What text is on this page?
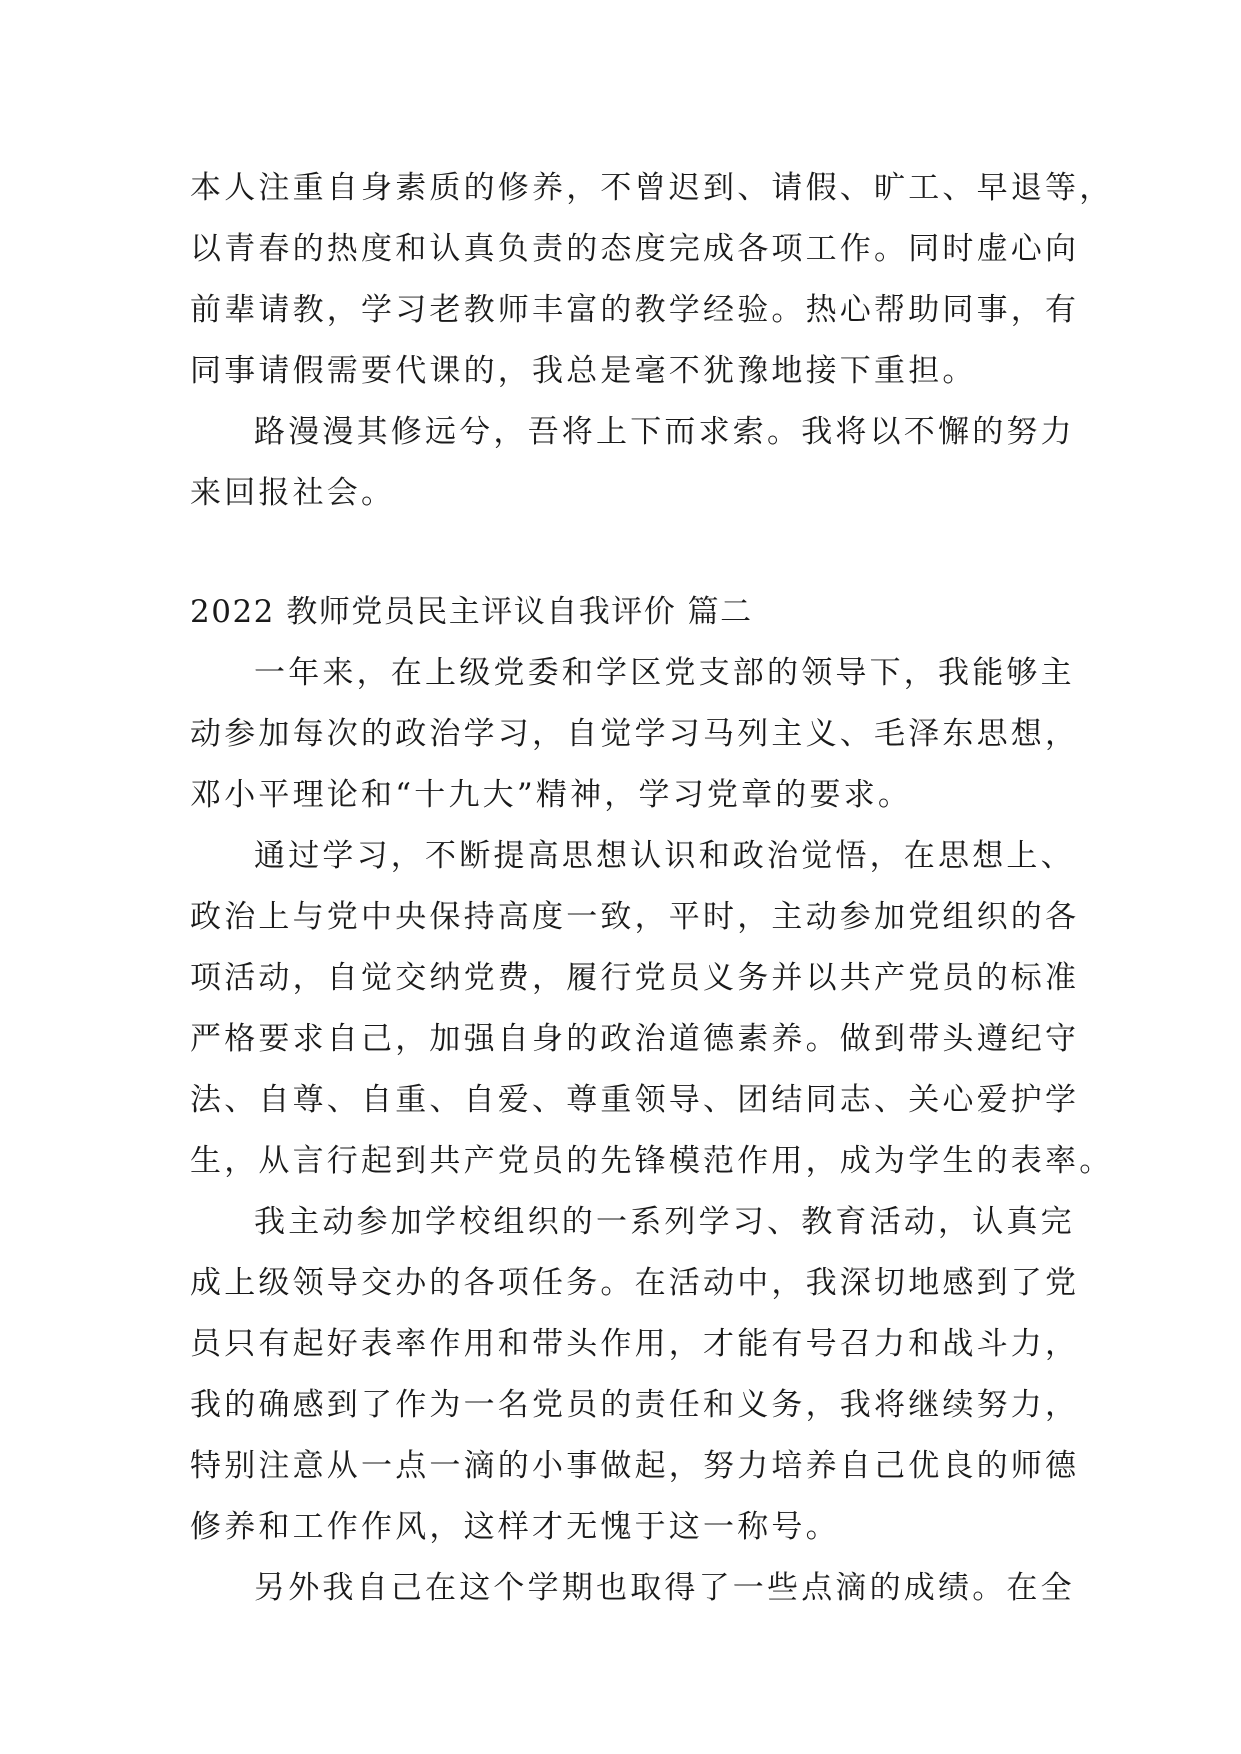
本人注重自身素质的修养，不曾迟到、请假、旷工、早退等，
以青春的热度和认真负责的态度完成各项工作。同时虚心向
前辈请教，学习老教师丰富的教学经验。热心帮助同事，有
同事请假需要代课的，我总是毫不犹豫地接下重担。
路漫漫其修远兮，吾将上下而求索。我将以不懈的努力
来回报社会。
2022 教师党员民主评议自我评价 篇二
一年来，在上级党委和学区党支部的领导下，我能够主
动参加每次的政治学习，自觉学习马列主义、毛泽东思想，
邓小平理论和“十九大”精神，学习党章的要求。
通过学习，不断提高思想认识和政治觉悟，在思想上、
政治上与党中央保持高度一致，平时，主动参加党组织的各
项活动，自觉交纳党费，履行党员义务并以共产党员的标准
严格要求自己，加强自身的政治道德素养。做到带头遵纪守
法、自尊、自重、自爱、尊重领导、团结同志、关心爱护学
生，从言行起到共产党员的先锋模范作用，成为学生的表率。
我主动参加学校组织的一系列学习、教育活动，认真完
成上级领导交办的各项任务。在活动中，我深切地感到了党
员只有起好表率作用和带头作用，才能有号召力和战斗力，
我的确感到了作为一名党员的责任和义务，我将继续努力，
特别注意从一点一滴的小事做起，努力培养自己优良的师德
修养和工作作风，这样才无愧于这一称号。
另外我自己在这个学期也取得了一些点滴的成绩。在全
